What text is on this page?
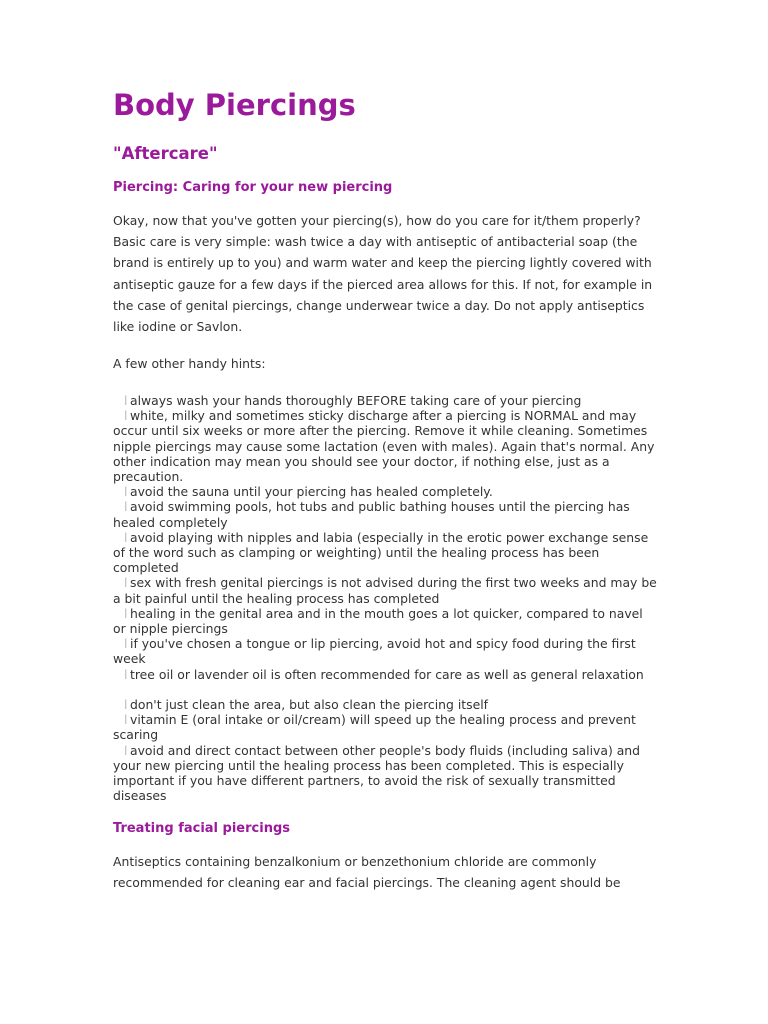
Body Piercings
"Aftercare"
Piercing: Caring for your new piercing

Okay, now that you've gotten your piercing(s), how do you care for it/them properly? Basic care is very simple: wash twice a day with antiseptic of antibacterial soap (the brand is entirely up to you) and warm water and keep the piercing lightly covered with antiseptic gauze for a few days if the pierced area allows for this. If not, for example in the case of genital piercings, change underwear twice a day. Do not apply antiseptics like iodine or Savlon.

A few other handy hints:

l always wash your hands thoroughly BEFORE taking care of your piercing
l white, milky and sometimes sticky discharge after a piercing is NORMAL and may occur until six weeks or more after the piercing. Remove it while cleaning. Sometimes nipple piercings may cause some lactation (even with males). Again that's normal. Any other indication may mean you should see your doctor, if nothing else, just as a precaution.
l avoid the sauna until your piercing has healed completely.
l avoid swimming pools, hot tubs and public bathing houses until the piercing has healed completely
l avoid playing with nipples and labia (especially in the erotic power exchange sense of the word such as clamping or weighting) until the healing process has been completed
l sex with fresh genital piercings is not advised during the first two weeks and may be a bit painful until the healing process has completed
l healing in the genital area and in the mouth goes a lot quicker, compared to navel or nipple piercings
l if you've chosen a tongue or lip piercing, avoid hot and spicy food during the first week
l tree oil or lavender oil is often recommended for care as well as general relaxation
l don't just clean the area, but also clean the piercing itself
l vitamin E (oral intake or oil/cream) will speed up the healing process and prevent scaring
l avoid and direct contact between other people's body fluids (including saliva) and your new piercing until the healing process has been completed. This is especially important if you have different partners, to avoid the risk of sexually transmitted diseases
Treating facial piercings

Antiseptics containing benzalkonium or benzethonium chloride are commonly recommended for cleaning ear and facial piercings. The cleaning agent should be
